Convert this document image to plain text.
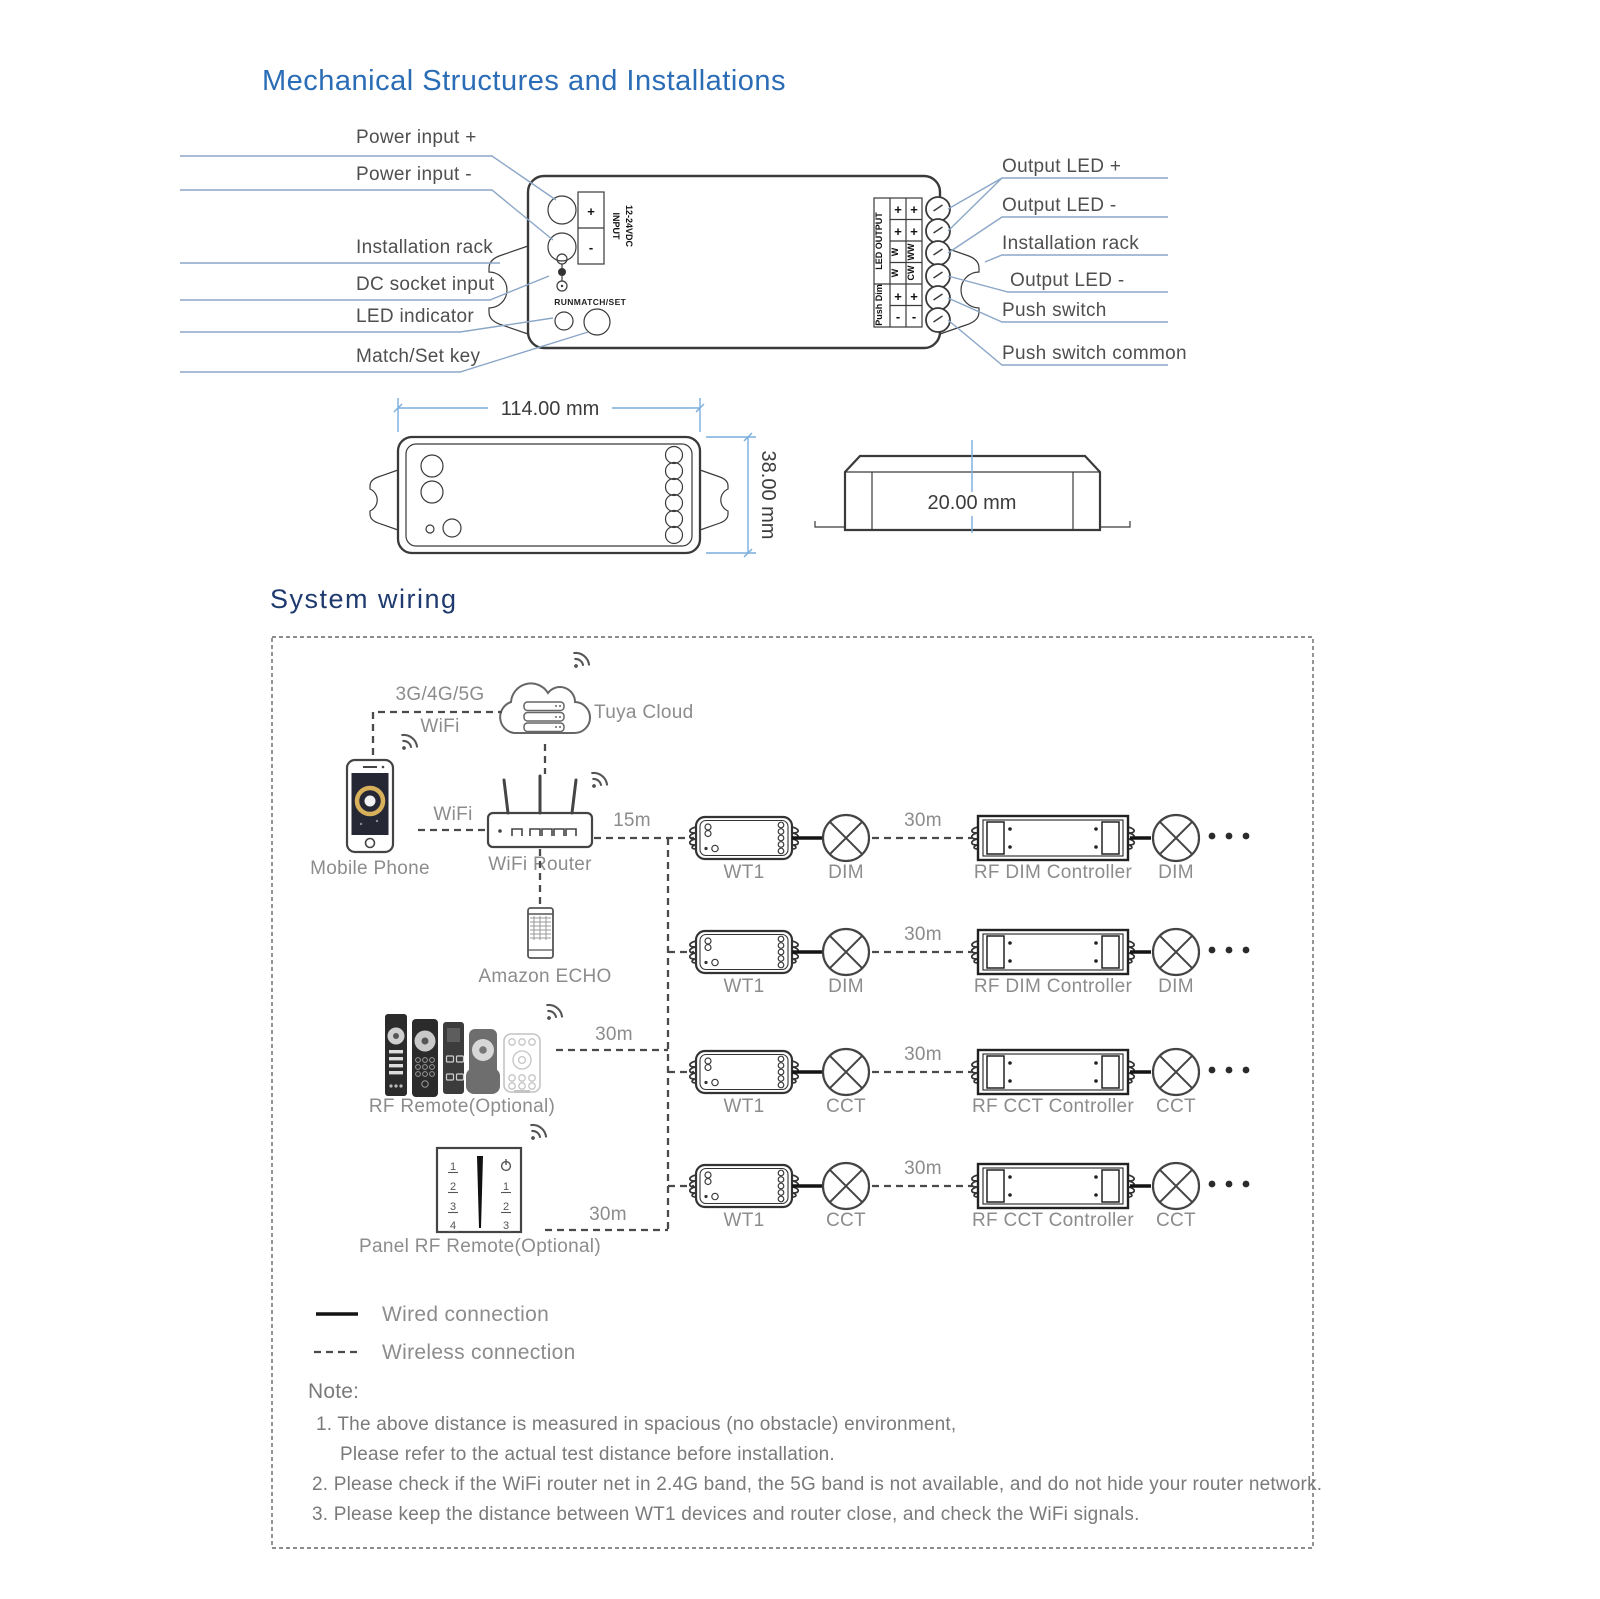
Mechanical Structures and Installations
+
-
INPUT 12-24VDC
RUN MATCH/SET
LED OUTPUT
Push Dim
+ +
+ +
W WW
W CW
+ +
- -
Power input +
Power input -
Installation rack
DC socket input
LED indicator
Match/Set key
Output LED +
Output LED -
Installation rack
Output LED -
Push switch
Push switch common
114.00 mm
38.00 mm	20.00 mm
System wiring
Tuya Cloud
3G/4G/5G
WiFi
Mobile Phone
WiFi
WiFi Router
Amazon ECHO
RF Remote(Optional)
30m
1
2
3
4
1
2
3
Panel RF Remote(Optional)
30m
15m
WT1	DIM
30m
RF DIM Controller DIM
WT1	DIM
30m
RF DIM Controller DIM
WT1	CCT
30m
RF CCT Controller CCT
WT1	CCT
30m
RF CCT Controller CCT
Wired connection
Wireless connection
Note:
1. The above distance is measured in spacious (no obstacle) environment,
Please refer to the actual test distance before installation.
2. Please check if the WiFi router net in 2.4G band, the 5G band is not available, and do not hide your router network.
3. Please keep the distance between WT1 devices and router close, and check the WiFi signals.
